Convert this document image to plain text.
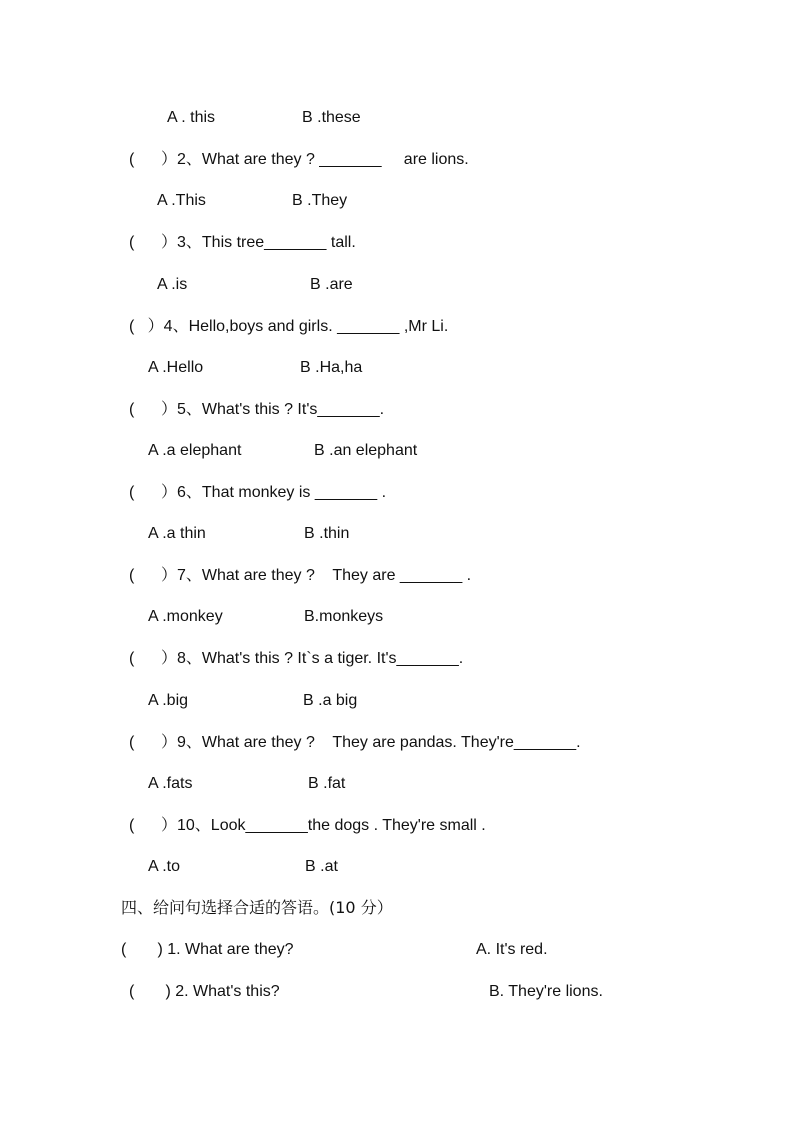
A . this	B .these
(      ）2、What are they ? _______     are lions.
A .This	B .They
(      ）3、This tree_______ tall.
A .is	B .are
(   ）4、Hello,boys and girls. _______ ,Mr Li.
A .Hello	B .Ha,ha
(      ）5、What's this ? It's_______.
A .a elephant	B .an elephant
(      ）6、That monkey is _______ .
A .a thin	B .thin
(      ）7、What are they ?    They are _______ .
A .monkey	B.monkeys
(      ）8、What's this ? It`s a tiger. It's_______.
A .big	B .a big
(      ）9、What are they ?    They are pandas. They're_______.
A .fats	B .fat
(      ）10、Look_______the dogs . They're small .
A .to	B .at
四、给问句选择合适的答语。(10 分）
(       ) 1. What are they?	A. It's red.
(       ) 2. What's this?	B. They're lions.
